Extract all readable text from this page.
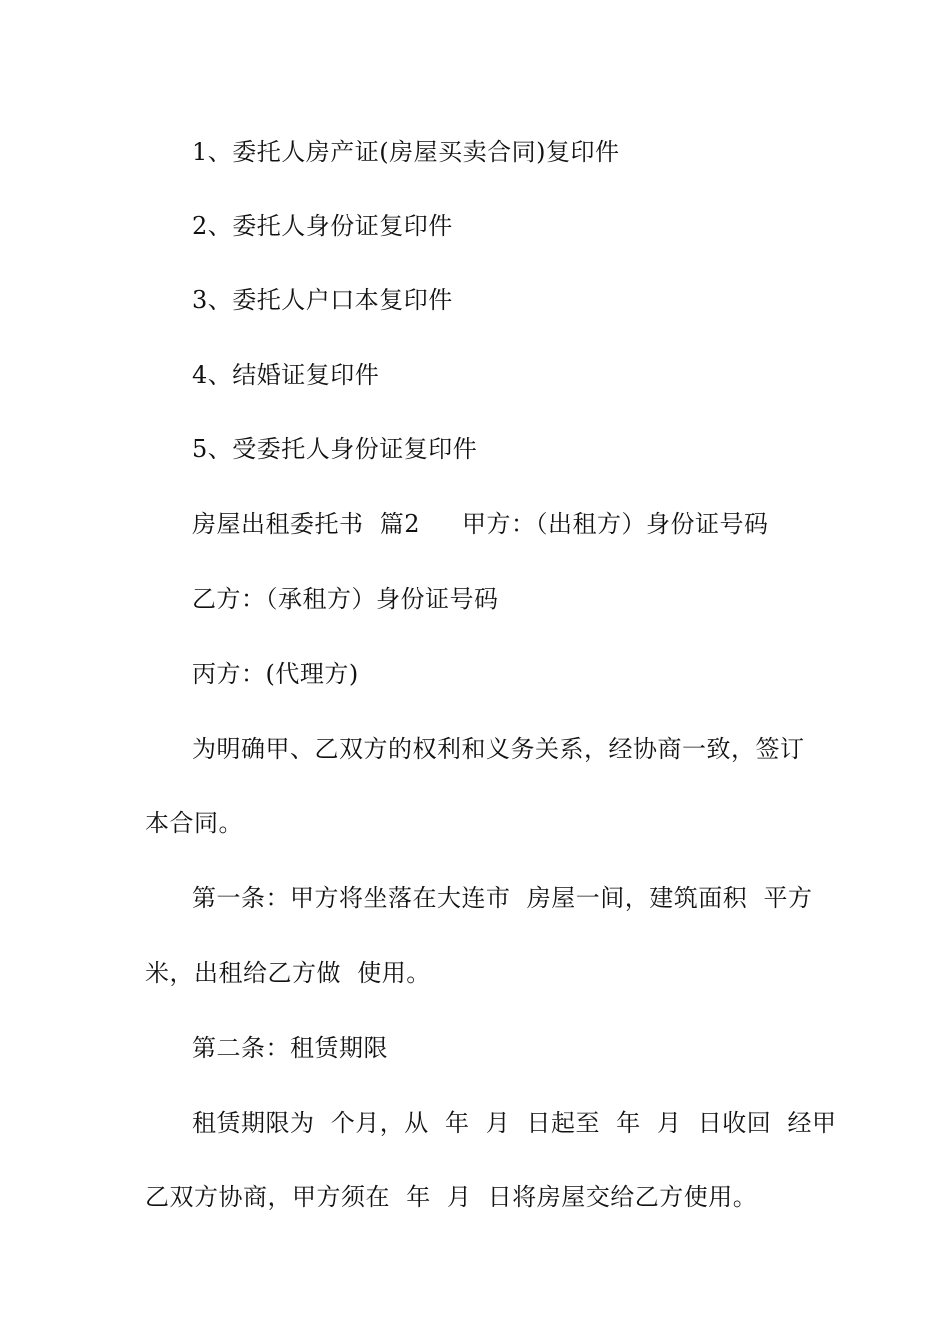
1、委托人房产证(房屋买卖合同)复印件
2、委托人身份证复印件
3、委托人户口本复印件
4、结婚证复印件
5、受委托人身份证复印件
房屋出租委托书  篇2 甲方：（出租方）身份证号码
乙方：（承租方）身份证号码
丙方：(代理方)
为明确甲、乙双方的权利和义务关系，经协商一致，签订
本合同。
第一条：甲方将坐落在大连市  房屋一间，建筑面积  平方
米，出租给乙方做  使用。
第二条：租赁期限
租赁期限为  个月，从  年  月  日起至  年  月  日收回  经甲
乙双方协商，甲方须在  年  月  日将房屋交给乙方使用。
